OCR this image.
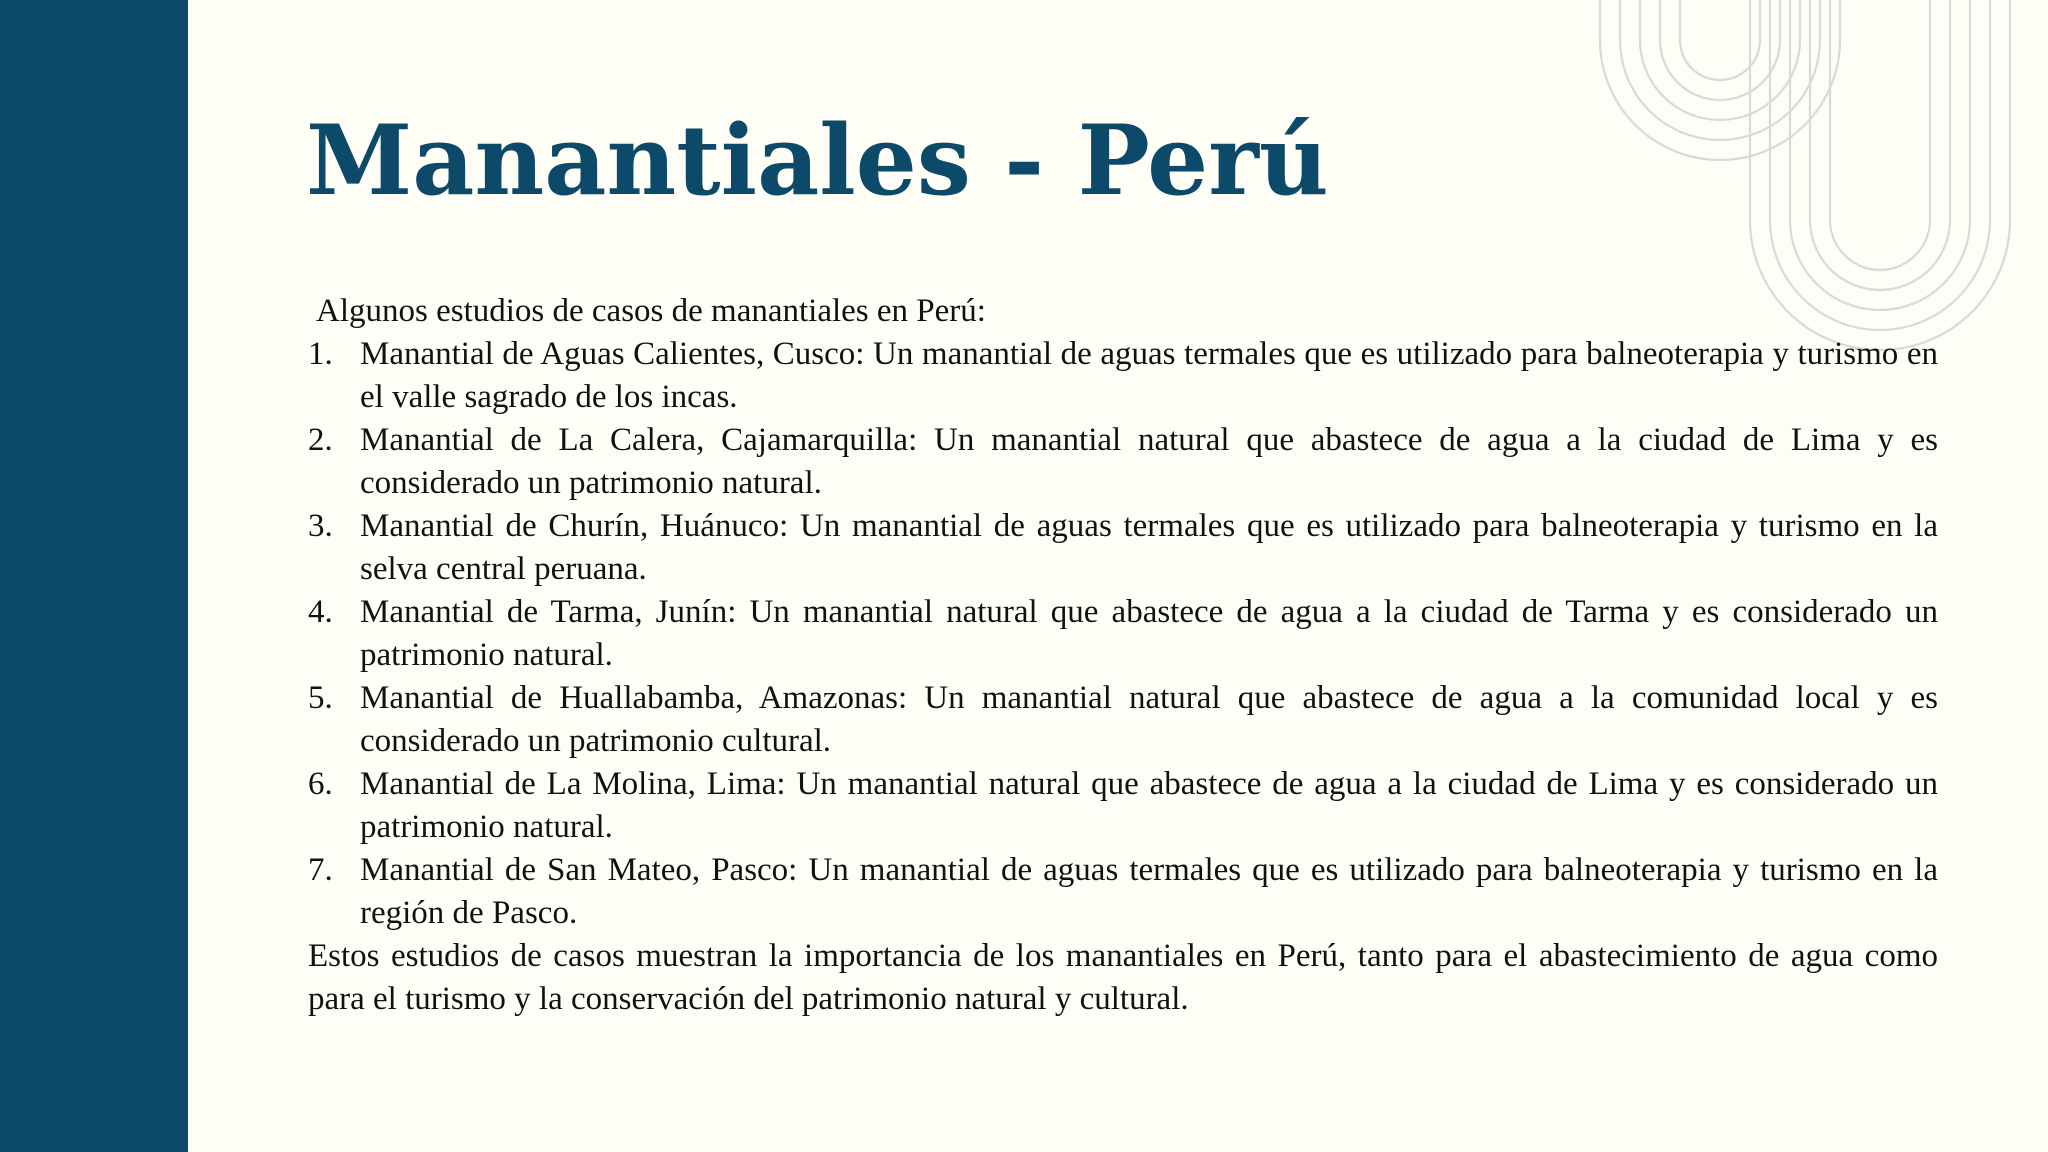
Manantiales - Perú

Algunos estudios de casos de manantiales en Perú:

1. Manantial de Aguas Calientes, Cusco: Un manantial de aguas termales que es utilizado para balneoterapia y turismo en el valle sagrado de los incas.
2. Manantial de La Calera, Cajamarquilla: Un manantial natural que abastece de agua a la ciudad de Lima y es considerado un patrimonio natural.
3. Manantial de Churín, Huánuco: Un manantial de aguas termales que es utilizado para balneoterapia y turismo en la selva central peruana.
4. Manantial de Tarma, Junín: Un manantial natural que abastece de agua a la ciudad de Tarma y es considerado un patrimonio natural.
5. Manantial de Huallabamba, Amazonas: Un manantial natural que abastece de agua a la comunidad local y es considerado un patrimonio cultural.
6. Manantial de La Molina, Lima: Un manantial natural que abastece de agua a la ciudad de Lima y es considerado un patrimonio natural.
7. Manantial de San Mateo, Pasco: Un manantial de aguas termales que es utilizado para balneoterapia y turismo en la región de Pasco.

Estos estudios de casos muestran la importancia de los manantiales en Perú, tanto para el abastecimiento de agua como para el turismo y la conservación del patrimonio natural y cultural.
